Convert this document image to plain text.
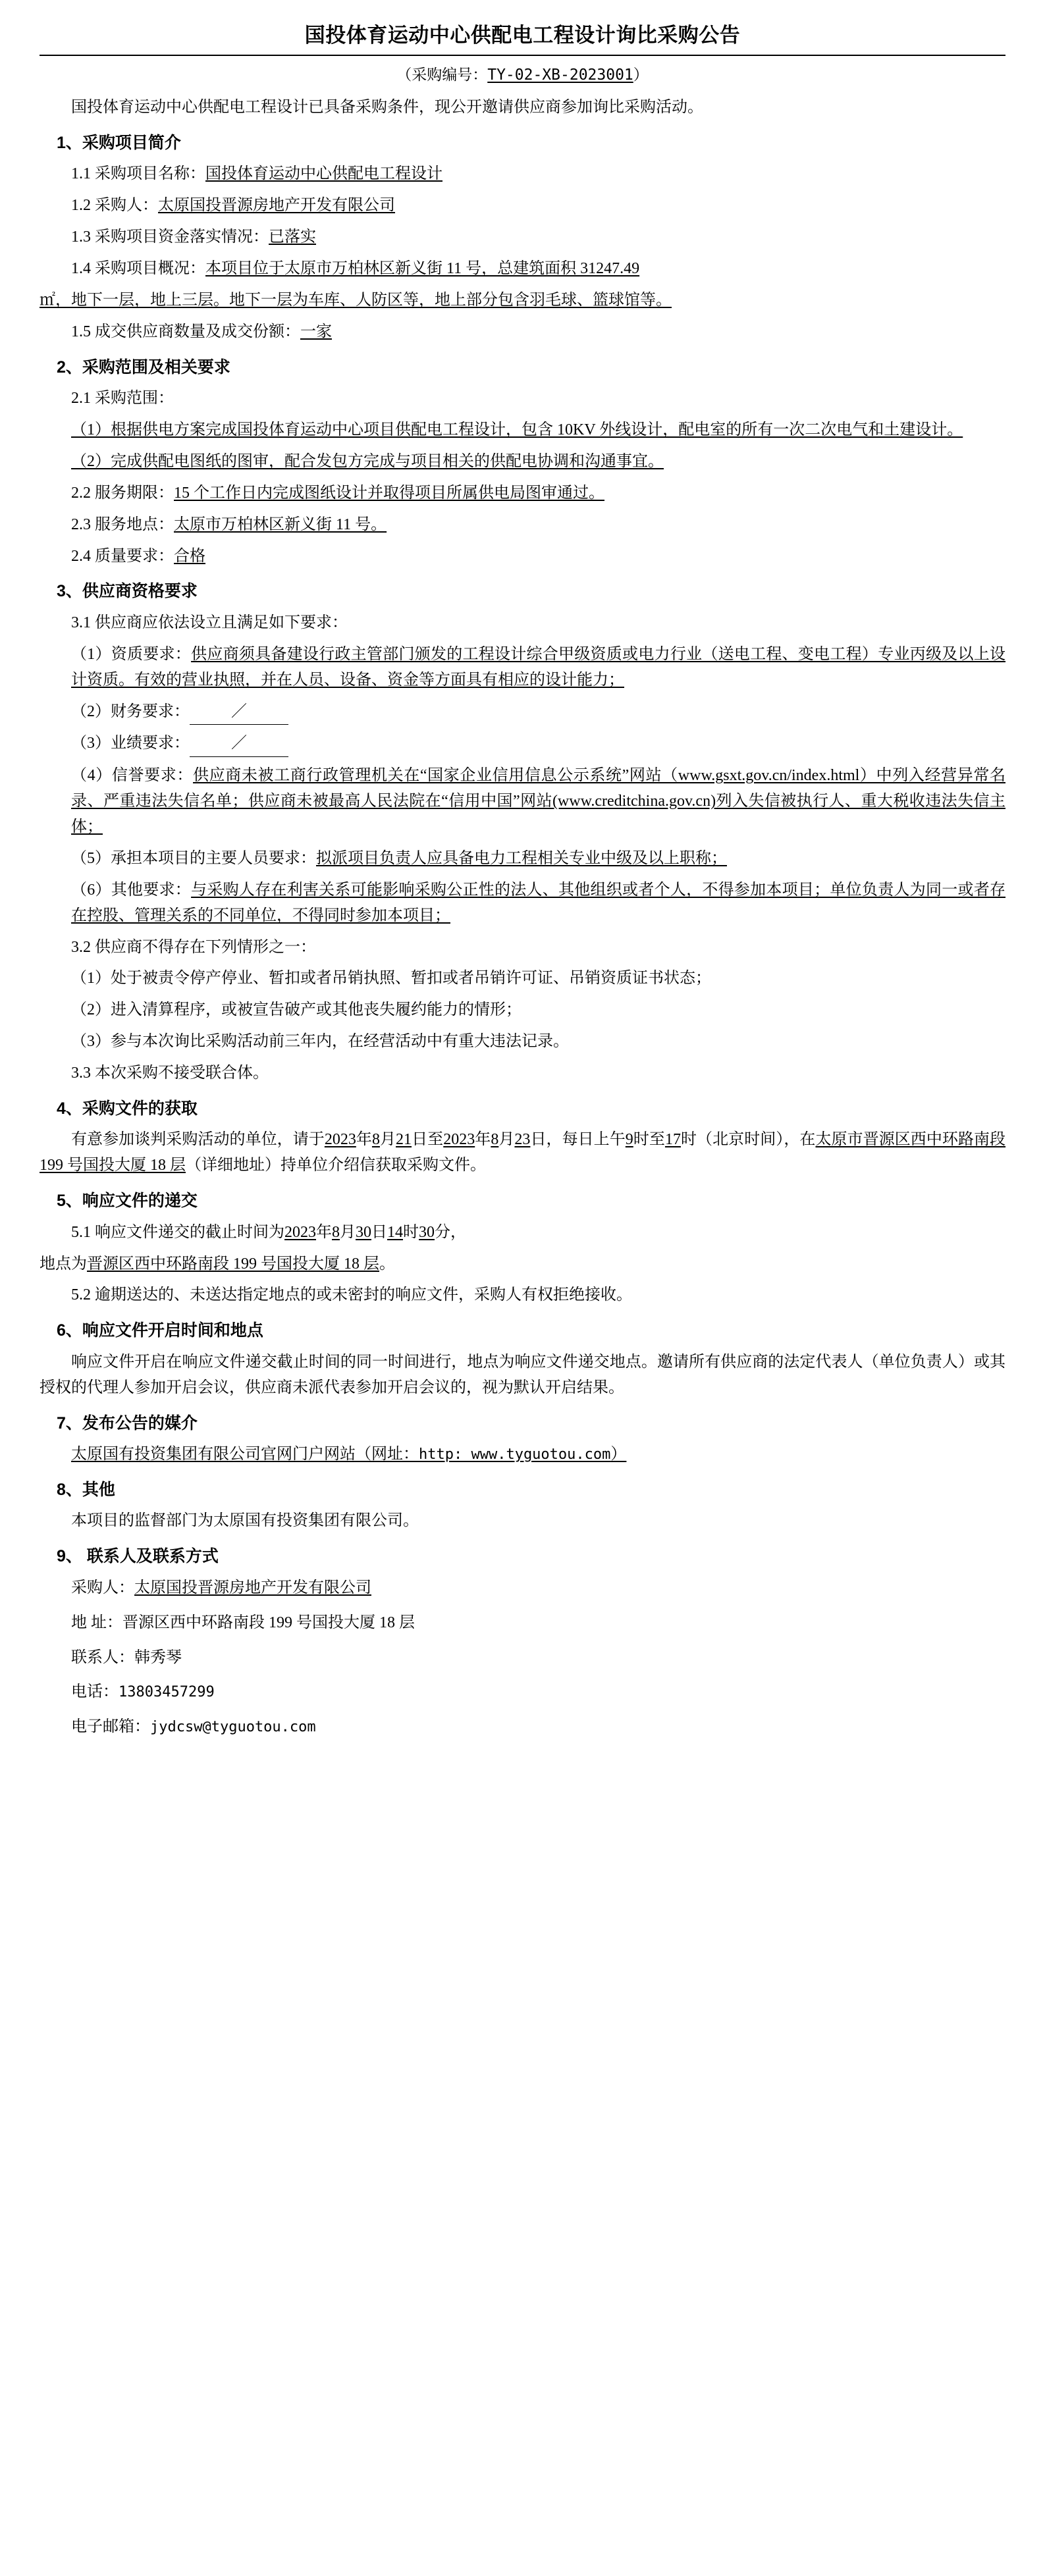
国投体育运动中心供配电工程设计询比采购公告
（采购编号：TY-02-XB-2023001）

国投体育运动中心供配电工程设计已具备采购条件，现公开邀请供应商参加询比采购活动。

1、采购项目简介

1.1 采购项目名称：国投体育运动中心供配电工程设计

1.2 采购人：太原国投晋源房地产开发有限公司

1.3 采购项目资金落实情况：已落实

1.4 采购项目概况：本项目位于太原市万柏林区新义街 11 号，总建筑面积 31247.49

㎡，地下一层，地上三层。地下一层为车库、人防区等，地上部分包含羽毛球、篮球馆等。

1.5 成交供应商数量及成交份额：一家

2、采购范围及相关要求

2.1 采购范围：

（1）根据供电方案完成国投体育运动中心项目供配电工程设计，包含 10KV 外线设计，配电室的所有一次二次电气和土建设计。

（2）完成供配电图纸的图审，配合发包方完成与项目相关的供配电协调和沟通事宜。

2.2 服务期限：15 个工作日内完成图纸设计并取得项目所属供电局图审通过。

2.3 服务地点：太原市万柏林区新义街 11 号。

2.4 质量要求：合格

3、供应商资格要求

3.1 供应商应依法设立且满足如下要求：

（1）资质要求：供应商须具备建设行政主管部门颁发的工程设计综合甲级资质或电力行业（送电工程、变电工程）专业丙级及以上设计资质。有效的营业执照，并在人员、设备、资金等方面具有相应的设计能力；

（2）财务要求：	／

（3）业绩要求：	／

（4）信誉要求：供应商未被工商行政管理机关在“国家企业信用信息公示系统”网站（www.gsxt.gov.cn/index.html）中列入经营异常名录、严重违法失信名单；供应商未被最高人民法院在“信用中国”网站(www.creditchina.gov.cn)列入失信被执行人、重大税收违法失信主体；

（5）承担本项目的主要人员要求：拟派项目负责人应具备电力工程相关专业中级及以上职称；

（6）其他要求：与采购人存在利害关系可能影响采购公正性的法人、其他组织或者个人，不得参加本项目；单位负责人为同一或者存在控股、管理关系的不同单位，不得同时参加本项目；

3.2 供应商不得存在下列情形之一：

（1）处于被责令停产停业、暂扣或者吊销执照、暂扣或者吊销许可证、吊销资质证书状态；

（2）进入清算程序，或被宣告破产或其他丧失履约能力的情形；

（3）参与本次询比采购活动前三年内，在经营活动中有重大违法记录。

3.3 本次采购不接受联合体。

4、采购文件的获取

有意参加谈判采购活动的单位，请于2023年8月21日至2023年8月23日，每日上午9时至17时（北京时间），在太原市晋源区西中环路南段 199 号国投大厦 18 层（详细地址）持单位介绍信获取采购文件。

5、响应文件的递交

5.1 响应文件递交的截止时间为2023年8月30日14时30分，

地点为晋源区西中环路南段 199 号国投大厦 18 层。

5.2 逾期送达的、未送达指定地点的或未密封的响应文件，采购人有权拒绝接收。

6、响应文件开启时间和地点

响应文件开启在响应文件递交截止时间的同一时间进行，地点为响应文件递交地点。邀请所有供应商的法定代表人（单位负责人）或其授权的代理人参加开启会议，供应商未派代表参加开启会议的，视为默认开启结果。

7、发布公告的媒介

太原国有投资集团有限公司官网门户网站（网址：http: www.tyguotou.com）

8、其他

本项目的监督部门为太原国有投资集团有限公司。

9、 联系人及联系方式

采购人：太原国投晋源房地产开发有限公司

地 址：晋源区西中环路南段 199 号国投大厦 18 层

联系人：韩秀琴

电话：13803457299

电子邮箱：jydcsw@tyguotou.com
